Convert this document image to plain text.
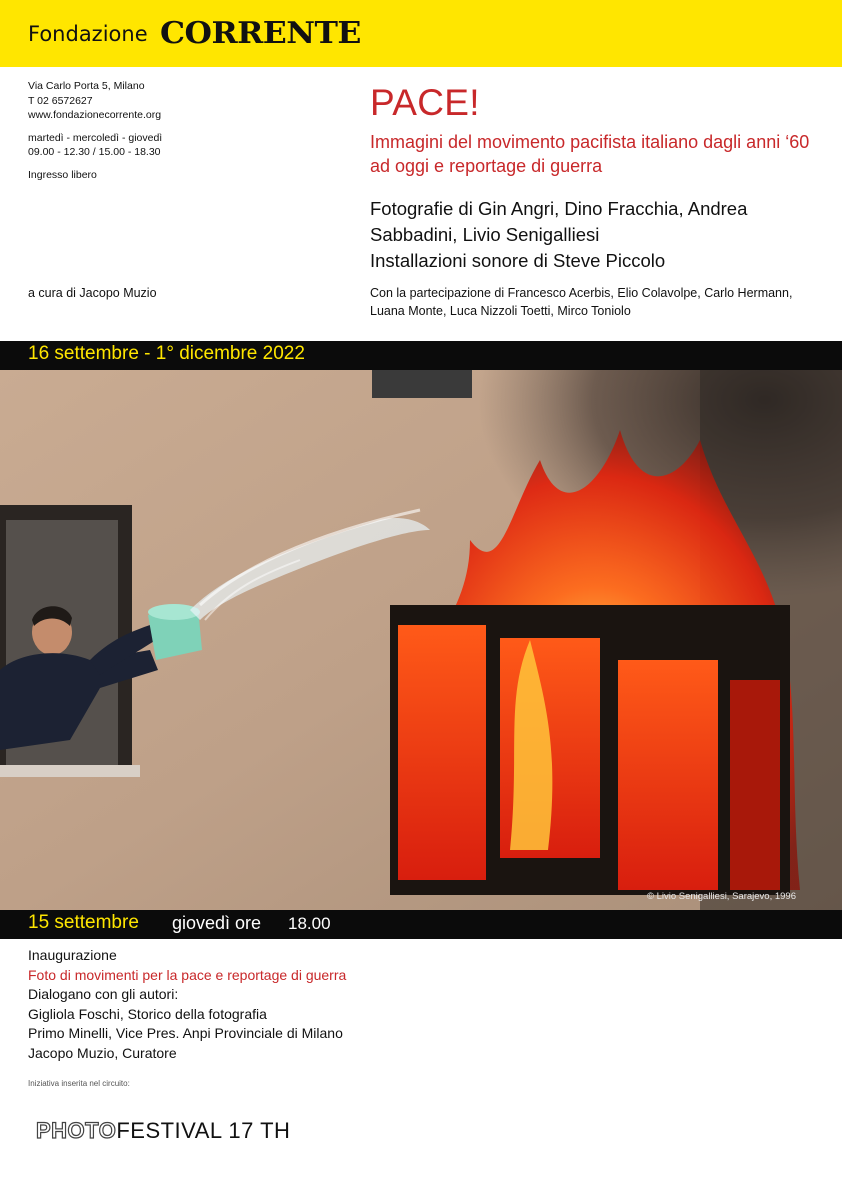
Fondazione CORRENTE
Via Carlo Porta 5, Milano
T 02 6572627
www.fondazionecorrente.org
martedì - mercoledì - giovedì
09.00 - 12.30 / 15.00 - 18.30
Ingresso libero
a cura di Jacopo Muzio
PACE!
Immagini del movimento pacifista italiano dagli anni ‘60 ad oggi e reportage di guerra
Fotografie di Gin Angri, Dino Fracchia, Andrea Sabbadini, Livio Senigalliesi
Installazioni sonore di Steve Piccolo
Con la partecipazione di Francesco Acerbis, Elio Colavolpe, Carlo Hermann, Luana Monte, Luca Nizzoli Toetti, Mirco Toniolo
16 settembre - 1° dicembre 2022
© Livio Senigalliesi, Sarajevo, 1996
15 settembre giovedì ore 18.00
Inaugurazione
Foto di movimenti per la pace e reportage di guerra
Dialogano con gli autori:
Gigliola Foschi, Storico della fotografia
Primo Minelli, Vice Pres. Anpi Provinciale di Milano
Jacopo Muzio, Curatore
Iniziativa inserita nel circuito:
PHOTOFESTIVAL 17 TH
